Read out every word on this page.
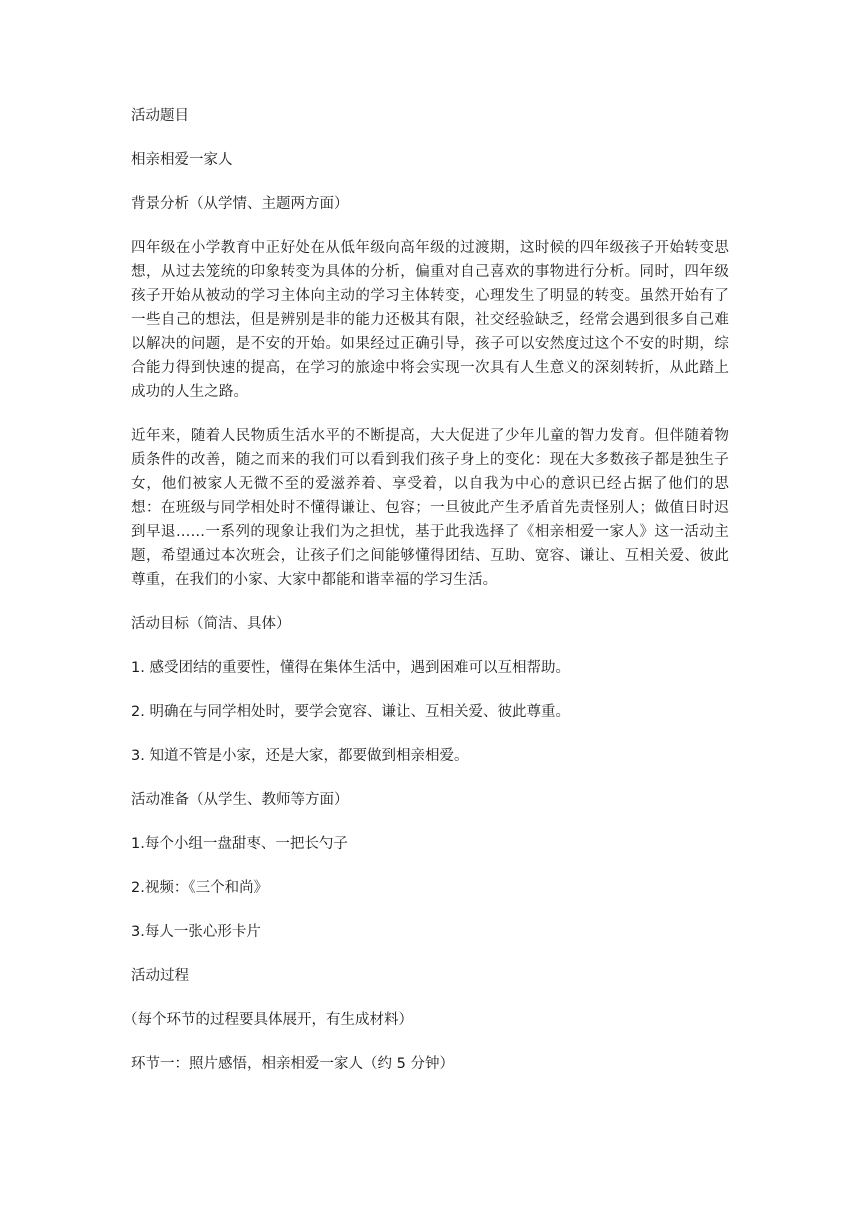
活动题目

相亲相爱一家人

背景分析（从学情、主题两方面）

四年级在小学教育中正好处在从低年级向高年级的过渡期，这时候的四年级孩子开始转变思想，从过去笼统的印象转变为具体的分析，偏重对自己喜欢的事物进行分析。同时，四年级孩子开始从被动的学习主体向主动的学习主体转变，心理发生了明显的转变。虽然开始有了一些自己的想法，但是辨别是非的能力还极其有限，社交经验缺乏，经常会遇到很多自己难以解决的问题，是不安的开始。如果经过正确引导，孩子可以安然度过这个不安的时期，综合能力得到快速的提高，在学习的旅途中将会实现一次具有人生意义的深刻转折，从此踏上成功的人生之路。

近年来，随着人民物质生活水平的不断提高，大大促进了少年儿童的智力发育。但伴随着物质条件的改善，随之而来的我们可以看到我们孩子身上的变化：现在大多数孩子都是独生子女，他们被家人无微不至的爱滋养着、享受着，以自我为中心的意识已经占据了他们的思想：在班级与同学相处时不懂得谦让、包容；一旦彼此产生矛盾首先责怪别人；做值日时迟到早退……一系列的现象让我们为之担忧，基于此我选择了《相亲相爱一家人》这一活动主题，希望通过本次班会，让孩子们之间能够懂得团结、互助、宽容、谦让、互相关爱、彼此尊重，在我们的小家、大家中都能和谐幸福的学习生活。

活动目标（简洁、具体）

1. 感受团结的重要性，懂得在集体生活中，遇到困难可以互相帮助。

2. 明确在与同学相处时，要学会宽容、谦让、互相关爱、彼此尊重。

3. 知道不管是小家，还是大家，都要做到相亲相爱。

活动准备（从学生、教师等方面）

1.每个小组一盘甜枣、一把长勺子

2.视频：《三个和尚》

3.每人一张心形卡片

活动过程

（每个环节的过程要具体展开，有生成材料）

环节一：照片感悟，相亲相爱一家人（约 5 分钟）
